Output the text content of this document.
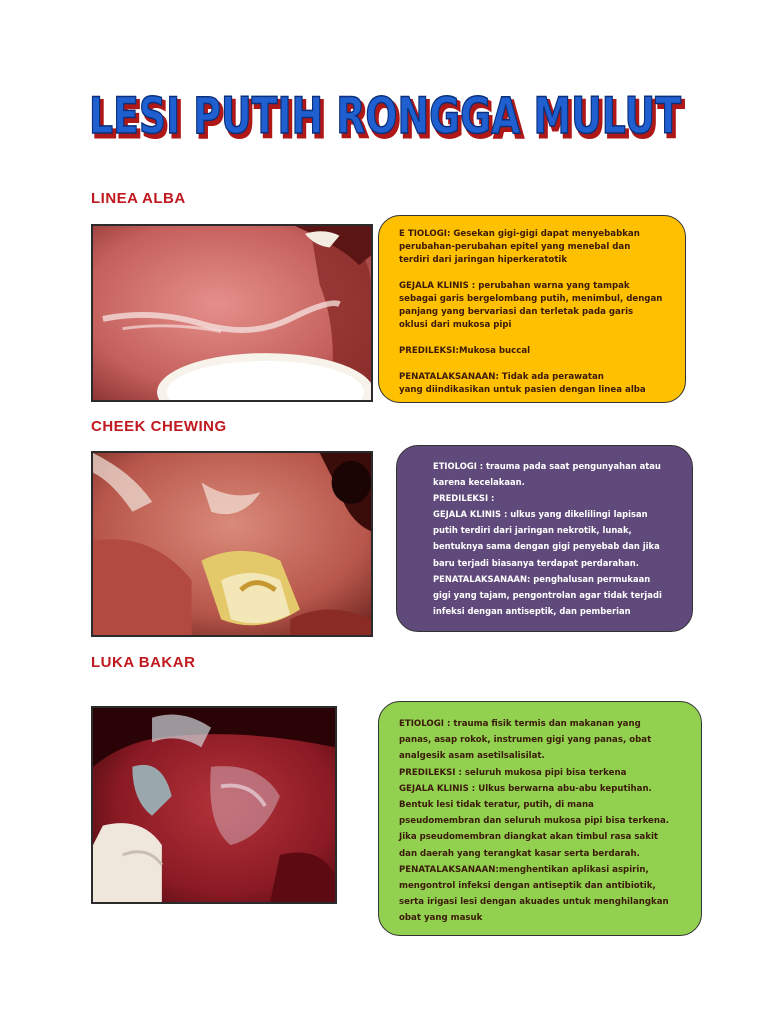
LESI PUTIH RONGGA MULUT
LESI PUTIH RONGGA MULUT
LINEA ALBA

E TIOLOGI: Gesekan gigi-gigi dapat menyebabkan

perubahan-perubahan epitel yang menebal dan

terdiri dari jaringan hiperkeratotik

GEJALA KLINIS : perubahan warna yang tampak

sebagai garis bergelombang putih, menimbul, dengan

panjang yang bervariasi dan terletak pada garis

oklusi dari mukosa pipi

PREDILEKSI:Mukosa buccal

PENATALAKSANAAN: Tidak ada perawatan

yang diindikasikan untuk pasien dengan linea alba

CHEEK CHEWING

ETIOLOGI : trauma pada saat pengunyahan atau

karena kecelakaan.

PREDILEKSI :

GEJALA KLINIS : ulkus yang dikelilingi lapisan

putih terdiri dari jaringan nekrotik, lunak,

bentuknya sama dengan gigi penyebab dan jika

baru terjadi biasanya terdapat perdarahan.

PENATALAKSANAAN: penghalusan permukaan

gigi yang tajam, pengontrolan agar tidak terjadi

infeksi dengan antiseptik, dan pemberian

LUKA BAKAR

ETIOLOGI : trauma fisik termis dan makanan yang

panas, asap rokok, instrumen gigi yang panas, obat

analgesik asam asetilsalisilat.

PREDILEKSI : seluruh mukosa pipi bisa terkena

GEJALA KLINIS : Ulkus berwarna abu-abu keputihan.

Bentuk lesi tidak teratur, putih, di mana

pseudomembran dan seluruh mukosa pipi bisa terkena.

Jika pseudomembran diangkat akan timbul rasa sakit

dan daerah yang terangkat kasar serta berdarah.

PENATALAKSANAAN:menghentikan aplikasi aspirin,

mengontrol infeksi dengan antiseptik dan antibiotik,

serta irigasi lesi dengan akuades untuk menghilangkan

obat yang masuk
